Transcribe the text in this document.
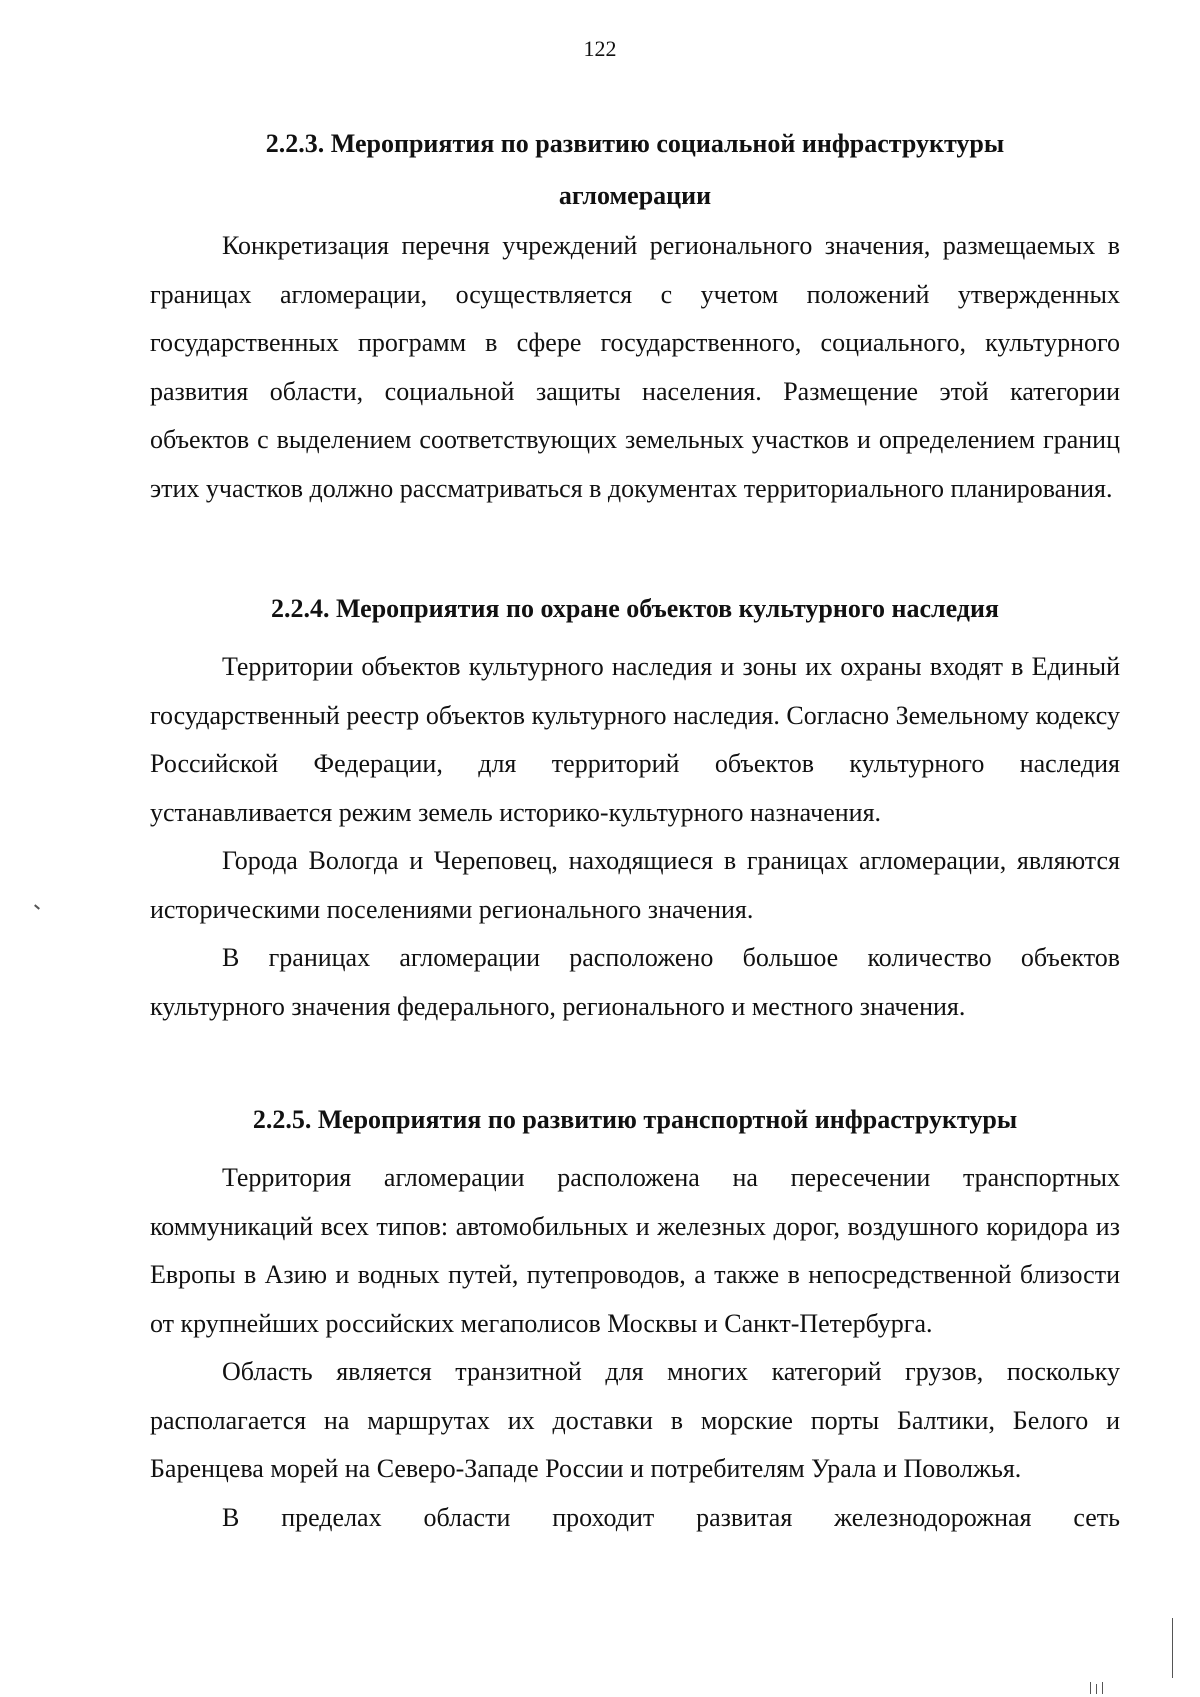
122
2.2.3. Мероприятия по развитию социальной инфраструктуры агломерации

Конкретизация перечня учреждений регионального значения, размещаемых в границах агломерации, осуществляется с учетом положений утвержденных государственных программ в сфере государственного, социального, культурного развития области, социальной защиты населения. Размещение этой категории объектов с выделением соответствующих земельных участков и определением границ этих участков должно рассматриваться в документах территориального планирования.

2.2.4. Мероприятия по охране объектов культурного наследия

Территории объектов культурного наследия и зоны их охраны входят в Единый государственный реестр объектов культурного наследия. Согласно Земельному кодексу Российской Федерации, для территорий объектов культурного наследия устанавливается режим земель историко-культурного назначения.

Города Вологда и Череповец, находящиеся в границах агломерации, являются историческими поселениями регионального значения.

В границах агломерации расположено большое количество объектов культурного значения федерального, регионального и местного значения.

2.2.5. Мероприятия по развитию транспортной инфраструктуры

Территория агломерации расположена на пересечении транспортных коммуникаций всех типов: автомобильных и железных дорог, воздушного коридора из Европы в Азию и водных путей, путепроводов, а также в непосредственной близости от крупнейших российских мегаполисов Москвы и Санкт-Петербурга.

Область является транзитной для многих категорий грузов, поскольку располагается на маршрутах их доставки в морские порты Балтики, Белого и Баренцева морей на Северо-Западе России и потребителям Урала и Поволжья.

В пределах области проходит развитая железнодорожная сеть
